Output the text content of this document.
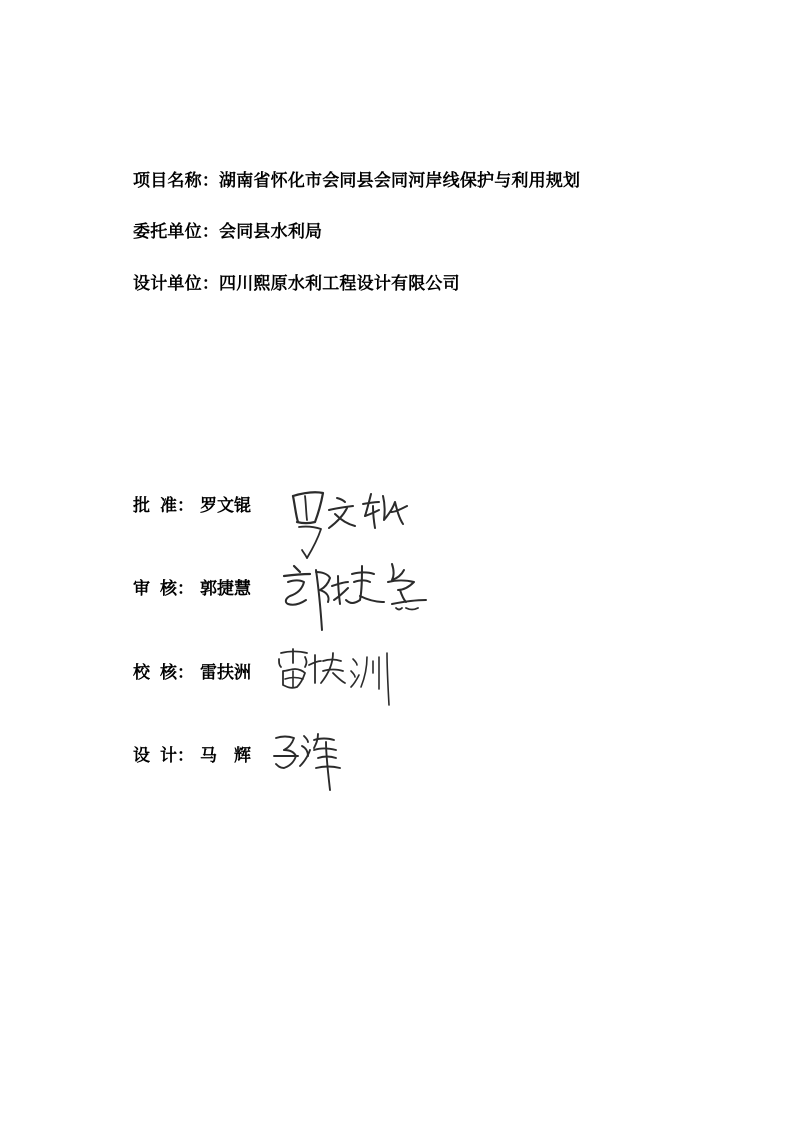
项目名称：湖南省怀化市会同县会同河岸线保护与利用规划
委托单位：会同县水利局
设计单位：四川熙原水利工程设计有限公司
批 准： 罗文锟
审 核： 郭捷慧
校 核： 雷扶洲
设 计： 马　辉
